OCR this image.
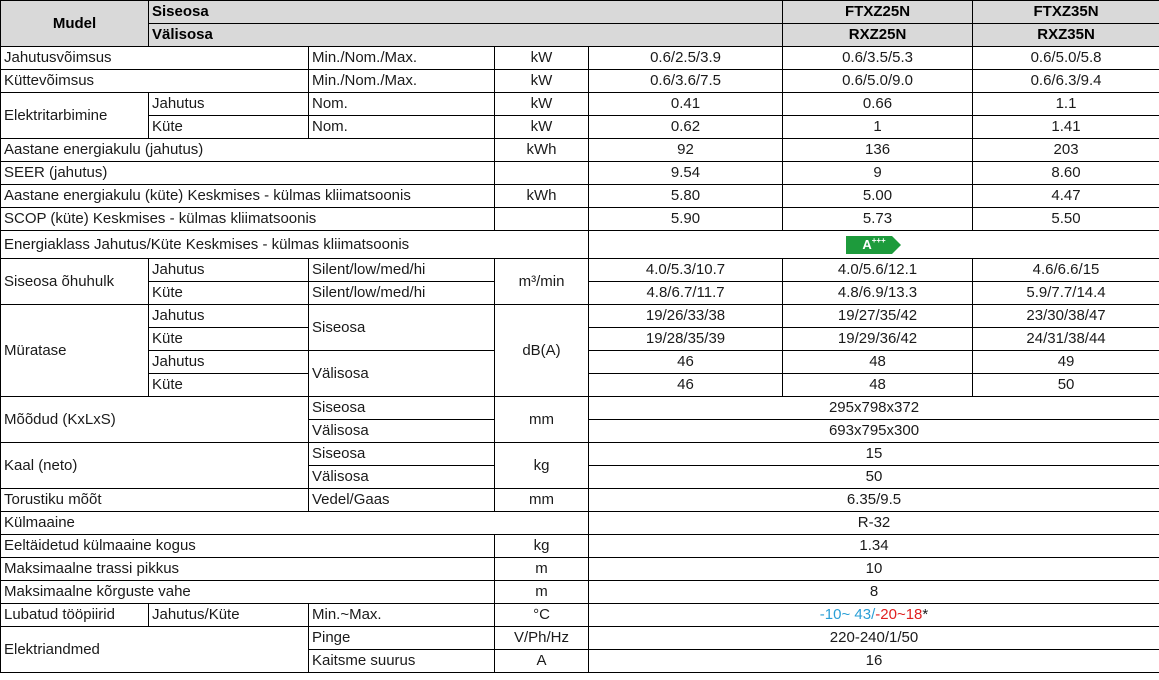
Mudel	Siseosa				FTXZ25N	FTXZ35N	
	Välisosa				RXZ25N	RXZ35N	
Jahutusvõimsus		Min./Nom./Max.	kW	0.6/2.5/3.9	0.6/3.5/5.3	0.6/5.0/5.8	
Küttevõimsus		Min./Nom./Max.	kW	0.6/3.6/7.5	0.6/5.0/9.0	0.6/6.3/9.4	
Elektritarbimine	Jahutus	Nom.	kW	0.41	0.66	1.1	
	Küte	Nom.	kW	0.62	1	1.41	
Aastane energiakulu (jahutus)			kWh	92	136	203	
SEER (jahutus)				9.54	9	8.60	
Aastane energiakulu (küte) Keskmises - külmas kliimatsoonis			kWh	5.80	5.00	4.47	
SCOP (küte) Keskmises - külmas kliimatsoonis				5.90	5.73	5.50	
Energiaklass Jahutus/Küte Keskmises - külmas kliimatsoonis				A+++
Siseosa õhuhulk	Jahutus	Silent/low/med/hi	m³/min	4.0/5.3/10.7	4.0/5.6/12.1	4.6/6.6/15	
	Küte	Silent/low/med/hi		4.8/6.7/11.7	4.8/6.9/13.3	5.9/7.7/14.4	
Müratase	Jahutus	Siseosa	dB(A)	19/26/33/38	19/27/35/42	23/30/38/47	
	Küte			19/28/35/39	19/29/36/42	24/31/38/44	
	Jahutus	Välisosa		46	48	49	
	Küte			46	48	50	
Mõõdud (KxLxS)		Siseosa	mm	295x798x372			
		Välisosa		693x795x300			
Kaal (neto)		Siseosa	kg	15			
		Välisosa		50			
Torustiku mõõt		Vedel/Gaas	mm	6.35/9.5			
Külmaaine				R-32			
Eeltäidetud külmaaine kogus			kg	1.34			
Maksimaalne trassi pikkus			m	10			
Maksimaalne kõrguste vahe			m	8			
Lubatud tööpiirid	Jahutus/Küte	Min.~Max.	°C	-10~ 43/-20~18*			
Elektriandmed		Pinge	V/Ph/Hz	220-240/1/50			
		Kaitsme suurus	A	16			
